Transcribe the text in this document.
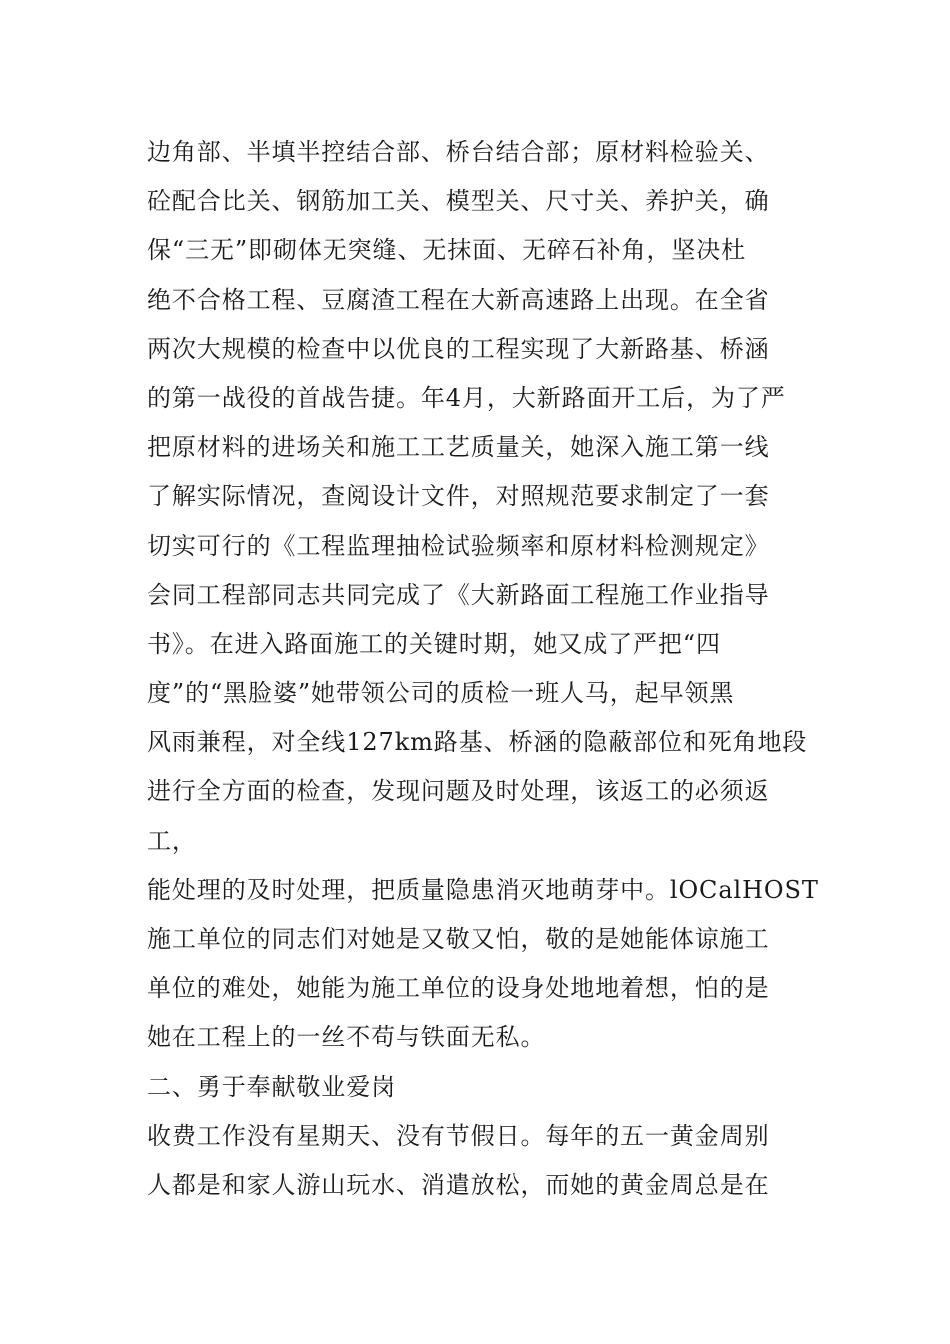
边角部、半填半控结合部、桥台结合部；原材料检验关、
砼配合比关、钢筋加工关、模型关、尺寸关、养护关，确
保“三无”即砌体无突缝、无抹面、无碎石补角，坚决杜
绝不合格工程、豆腐渣工程在大新高速路上出现。在全省
两次大规模的检查中以优良的工程实现了大新路基、桥涵
的第一战役的首战告捷。年4月，大新路面开工后，为了严
把原材料的进场关和施工工艺质量关，她深入施工第一线
了解实际情况，查阅设计文件，对照规范要求制定了一套
切实可行的《工程监理抽检试验频率和原材料检测规定》
会同工程部同志共同完成了《大新路面工程施工作业指导
书》。在进入路面施工的关键时期，她又成了严把“四
度”的“黑脸婆”她带领公司的质检一班人马，起早领黑
风雨兼程，对全线127km路基、桥涵的隐蔽部位和死角地段
进行全方面的检查，发现问题及时处理，该返工的必须返
工，
能处理的及时处理，把质量隐患消灭地萌芽中。lOCalHOST
施工单位的同志们对她是又敬又怕，敬的是她能体谅施工
单位的难处，她能为施工单位的设身处地地着想，怕的是
她在工程上的一丝不苟与铁面无私。
二、勇于奉献敬业爱岗
收费工作没有星期天、没有节假日。每年的五一黄金周别
人都是和家人游山玩水、消遣放松，而她的黄金周总是在
